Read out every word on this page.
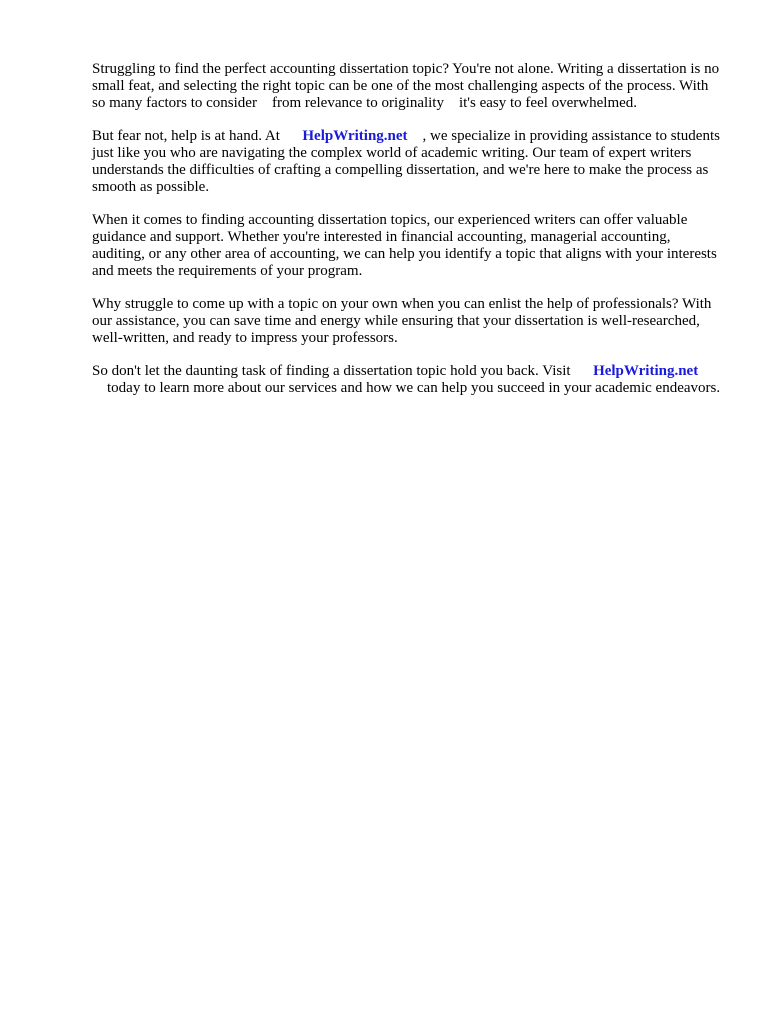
Struggling to find the perfect accounting dissertation topic? You're not alone. Writing a dissertation is no small feat, and selecting the right topic can be one of the most challenging aspects of the process. With so many factors to consider    from relevance to originality    it's easy to feel overwhelmed.

But fear not, help is at hand. At      HelpWriting.net    , we specialize in providing assistance to students just like you who are navigating the complex world of academic writing. Our team of expert writers understands the difficulties of crafting a compelling dissertation, and we're here to make the process as smooth as possible.

When it comes to finding accounting dissertation topics, our experienced writers can offer valuable guidance and support. Whether you're interested in financial accounting, managerial accounting, auditing, or any other area of accounting, we can help you identify a topic that aligns with your interests and meets the requirements of your program.

Why struggle to come up with a topic on your own when you can enlist the help of professionals? With our assistance, you can save time and energy while ensuring that your dissertation is well-researched, well-written, and ready to impress your professors.

So don't let the daunting task of finding a dissertation topic hold you back. Visit      HelpWriting.net     today to learn more about our services and how we can help you succeed in your academic endeavors.
